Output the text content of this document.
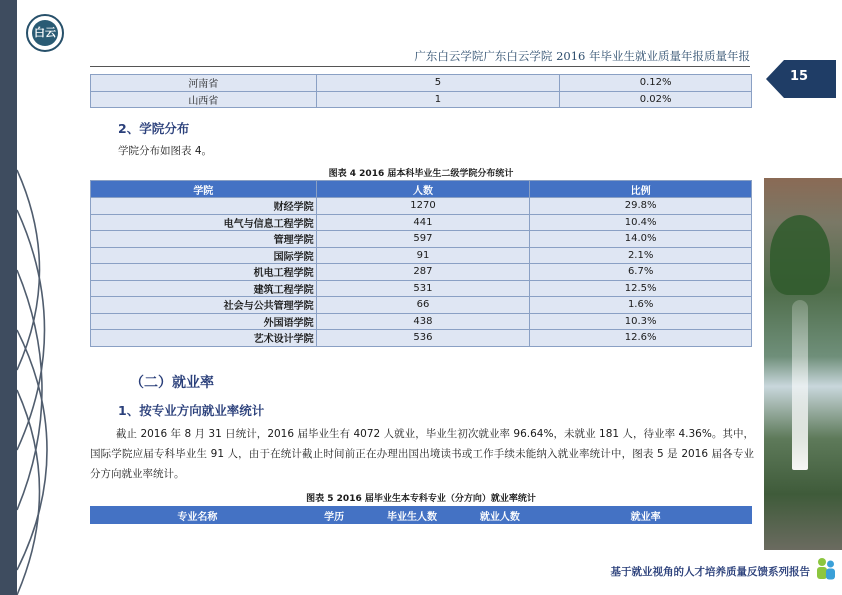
白云
广东白云学院广东白云学院 2016 年毕业生就业质量年报质量年报
15
河南省	5	0.12%
山西省	1	0.02%
2、学院分布
学院分布如图表 4。
图表 4 2016 届本科毕业生二级学院分布统计
学院	人数	比例
财经学院	1270	29.8%
电气与信息工程学院	441	10.4%
管理学院	597	14.0%
国际学院	91	2.1%
机电工程学院	287	6.7%
建筑工程学院	531	12.5%
社会与公共管理学院	66	1.6%
外国语学院	438	10.3%
艺术设计学院	536	12.6%
（二）就业率
1、按专业方向就业率统计
截止 2016 年 8 月 31 日统计，2016 届毕业生有 4072 人就业，毕业生初次就业率 96.64%，未就业 181 人，待业率 4.36%。其中，国际学院应届专科毕业生 91 人，由于在统计截止时间前正在办理出国出境读书或工作手续未能纳入就业率统计中，图表 5 是 2016 届各专业分方向就业率统计。
图表 5 2016 届毕业生本专科专业（分方向）就业率统计
专业名称	学历	毕业生人数	就业人数	就业率
基于就业视角的人才培养质量反馈系列报告
